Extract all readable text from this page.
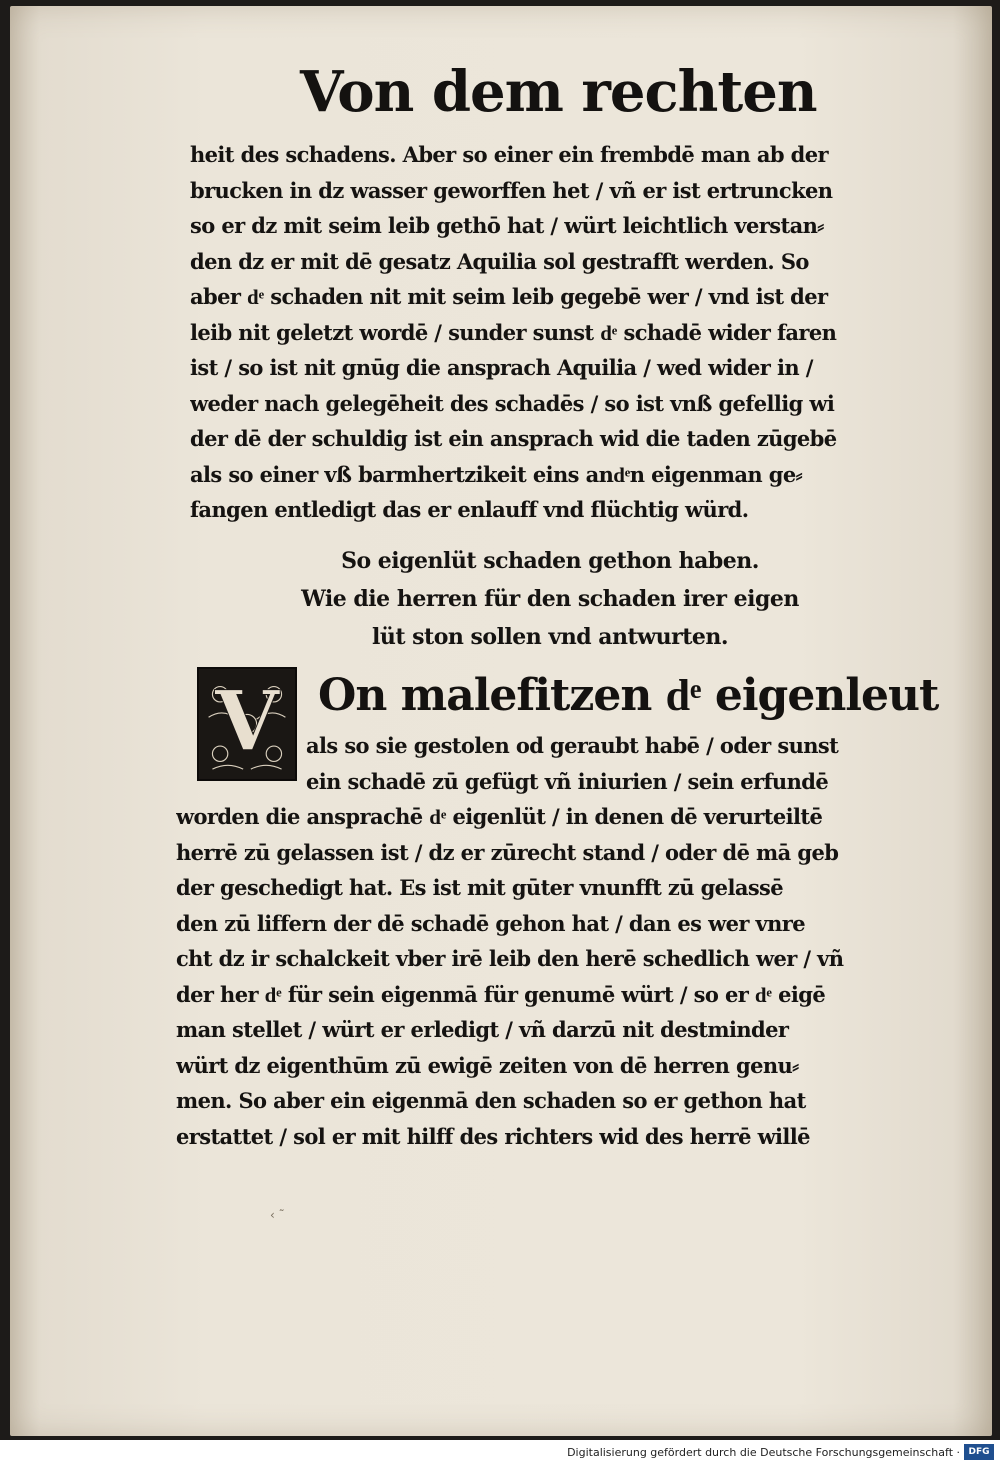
Von dem rechten
heit des schadens. Aber so einer ein frembdē man ab der
brucken in dz wasser geworffen het / vñ er ist ertruncken
so er dz mit seim leib gethō hat / würt leichtlich verstan⸗
den dz er mit dē gesatz Aquilia sol gestrafft werden. So
aber dͤ schaden nit mit seim leib gegebē wer / vnd ist der
leib nit geletzt wordē / sunder sunst dͤ schadē wider faren
ist / so ist nit gnūg die ansprach Aquilia / wed wider in /
weder nach gelegēheit des schadēs / so ist vnß gefellig wi
der dē der schuldig ist ein ansprach wid die taden zūgebē
als so einer vß barmhertzikeit eins andͤn eigenman ge⸗
fangen entledigt das er enlauff vnd flüchtig würd.
So eigenlüt schaden gethon haben.
Wie die herren für den schaden irer eigen
lüt ston sollen vnd antwurten.
V On malefitzen dͤ eigenleut
als so sie gestolen od geraubt habē / oder sunst
ein schadē zū gefügt vñ iniurien / sein erfundē
worden die ansprachē dͤ eigenlüt / in denen dē verurteiltē
herrē zū gelassen ist / dz er zūrecht stand / oder dē mā geb
der geschedigt hat. Es ist mit gūter vnunfft zū gelassē
den zū liffern der dē schadē gehon hat / dan es wer vnre
cht dz ir schalckeit vber irē leib den herē schedlich wer / vñ
der her dͤ für sein eigenmā für genumē würt / so er dͤ eigē
man stellet / würt er erledigt / vñ darzū nit destminder
würt dz eigenthūm zū ewigē zeiten von dē herren genu⸗
men. So aber ein eigenmā den schaden so er gethon hat
erstattet / sol er mit hilff des richters wid des herrē willē
‹ ˜
Digitalisierung gefördert durch die Deutsche Forschungsgemeinschaft · DFG
